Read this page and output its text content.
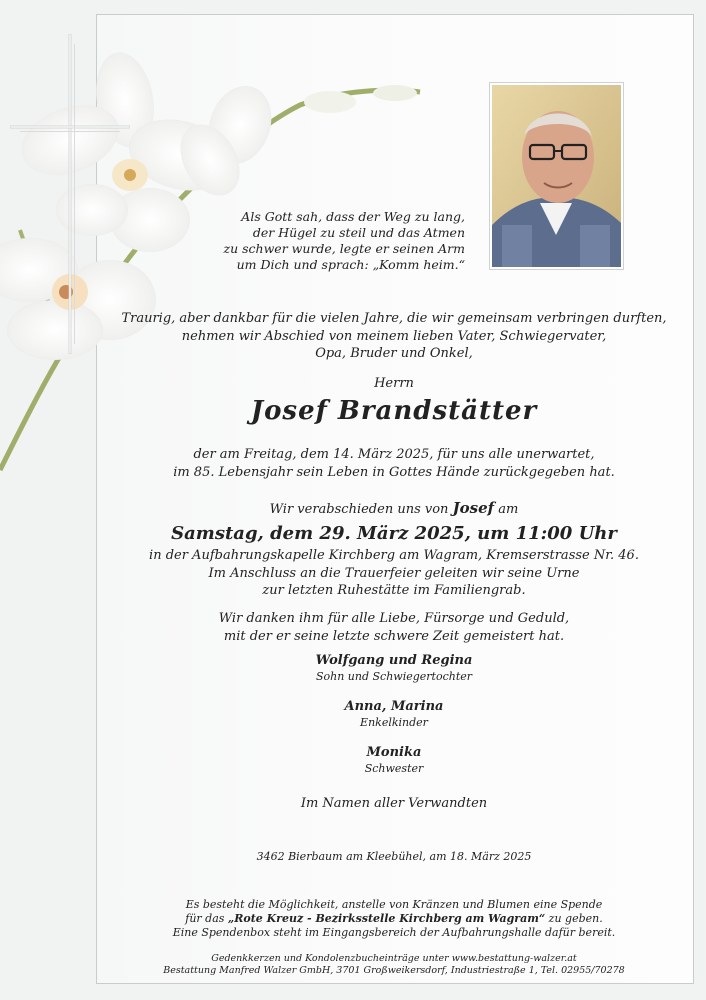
Als Gott sah, dass der Weg zu lang,
der Hügel zu steil und das Atmen
zu schwer wurde, legte er seinen Arm
um Dich und sprach: „Komm heim.“
Traurig, aber dankbar für die vielen Jahre, die wir gemeinsam verbringen durften,
nehmen wir Abschied von meinem lieben Vater, Schwiegervater,
Opa, Bruder und Onkel,
Herrn
Josef Brandstätter
der am Freitag, dem 14. März 2025, für uns alle unerwartet,
im 85. Lebensjahr sein Leben in Gottes Hände zurückgegeben hat.
Wir verabschieden uns von Josef am
Samstag, dem 29. März 2025, um 11:00 Uhr
in der Aufbahrungskapelle Kirchberg am Wagram, Kremserstrasse Nr. 46.
Im Anschluss an die Trauerfeier geleiten wir seine Urne
zur letzten Ruhestätte im Familiengrab.
Wir danken ihm für alle Liebe, Fürsorge und Geduld,
mit der er seine letzte schwere Zeit gemeistert hat.
Wolfgang und Regina
Sohn und Schwiegertochter
Anna, Marina
Enkelkinder
Monika
Schwester
Im Namen aller Verwandten
3462 Bierbaum am Kleebühel, am 18. März 2025
Es besteht die Möglichkeit, anstelle von Kränzen und Blumen eine Spende
für das „Rote Kreuz - Bezirksstelle Kirchberg am Wagram“ zu geben.
Eine Spendenbox steht im Eingangsbereich der Aufbahrungshalle dafür bereit.
Gedenkkerzen und Kondolenzbucheinträge unter www.bestattung-walzer.at
Bestattung Manfred Walzer GmbH, 3701 Großweikersdorf, Industriestraße 1, Tel. 02955/70278
